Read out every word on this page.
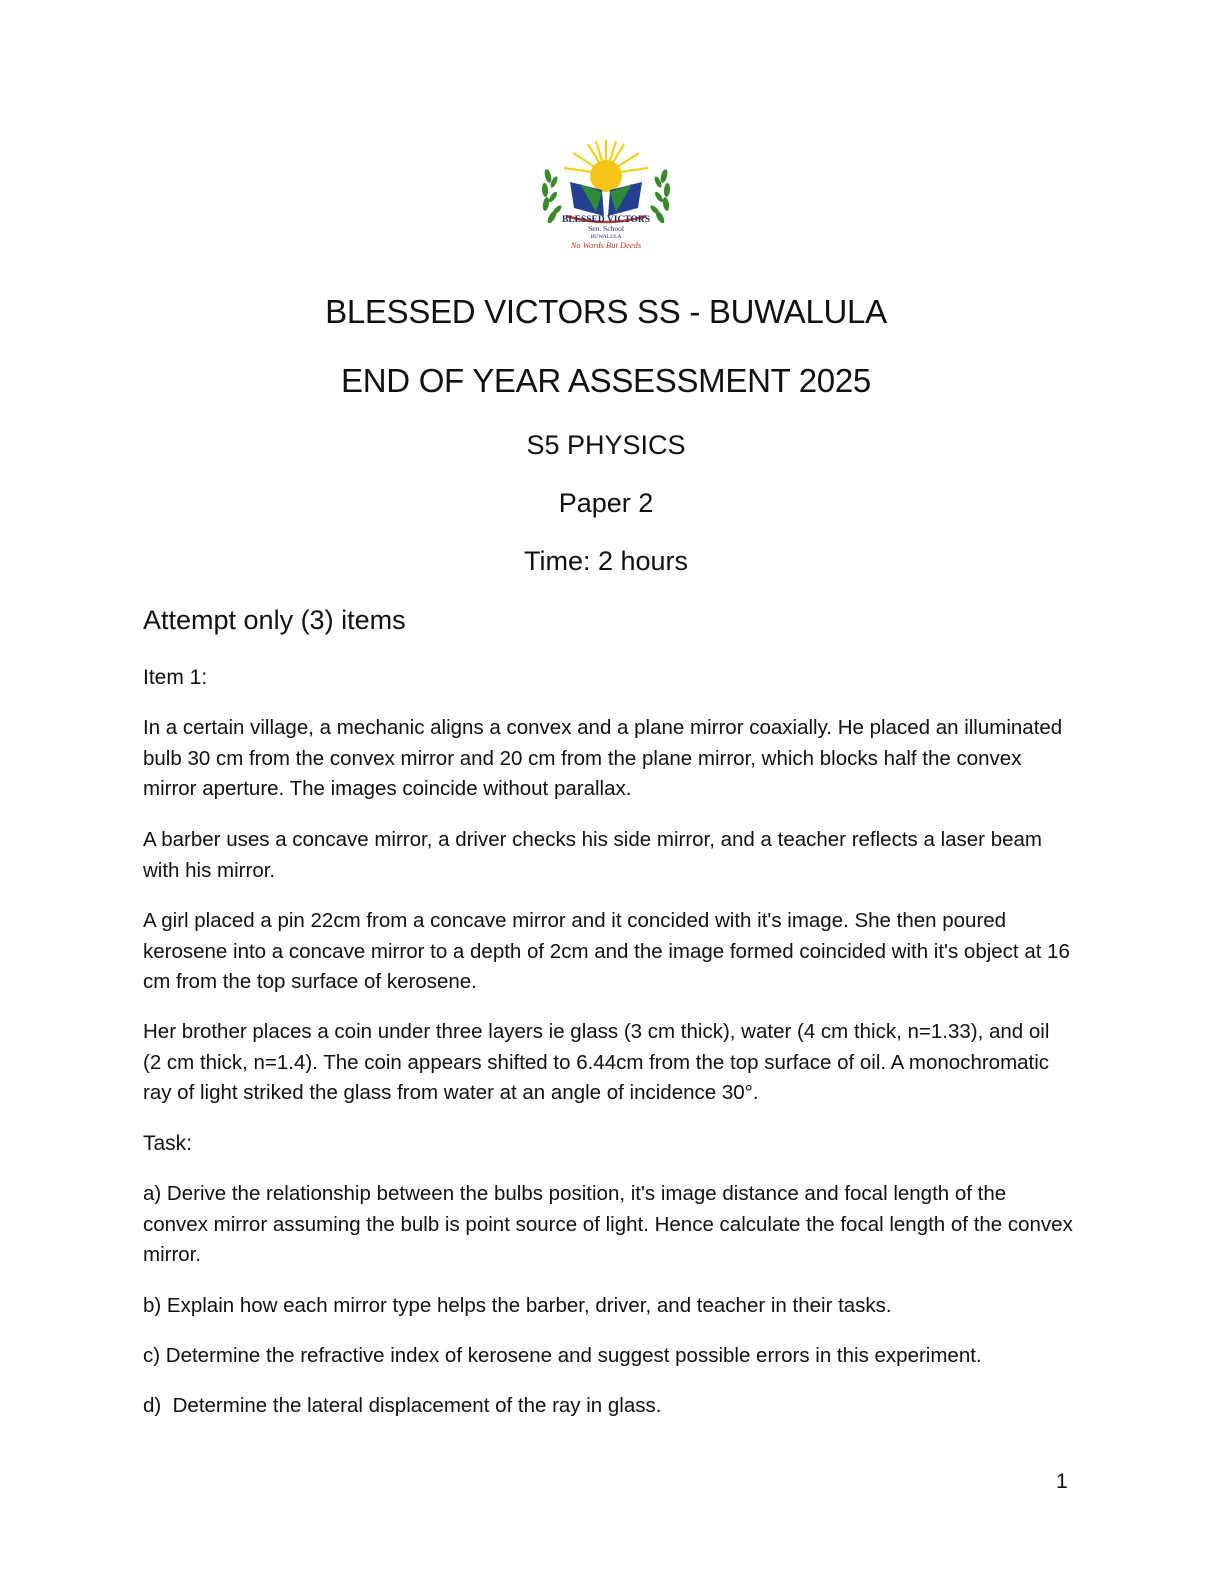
BLESSED VICTORS
Sen. School
BUWALULA
No Words But Deeds
BLESSED VICTORS SS - BUWALULA
END OF YEAR ASSESSMENT 2025
S5 PHYSICS
Paper 2
Time: 2 hours
Attempt only (3) items

Item 1:

In a certain village, a mechanic aligns a convex and a plane mirror coaxially. He placed an illuminated bulb 30 cm from the convex mirror and 20 cm from the plane mirror, which blocks half the convex mirror aperture. The images coincide without parallax.

A barber uses a concave mirror, a driver checks his side mirror, and a teacher reflects a laser beam with his mirror.

A girl placed a pin 22cm from a concave mirror and it concided with it's image. She then poured kerosene into a concave mirror to a depth of 2cm and the image formed coincided with it's object at 16 cm from the top surface of kerosene.

Her brother places a coin under three layers ie glass (3 cm thick), water (4 cm thick, n=1.33), and oil (2 cm thick, n=1.4). The coin appears shifted to 6.44cm from the top surface of oil. A monochromatic ray of light striked the glass from water at an angle of incidence 30°.

Task:

a) Derive the relationship between the bulbs position, it's image distance and focal length of the convex mirror assuming the bulb is point source of light. Hence calculate the focal length of the convex mirror.

b) Explain how each mirror type helps the barber, driver, and teacher in their tasks.

c) Determine the refractive index of kerosene and suggest possible errors in this experiment.

d)  Determine the lateral displacement of the ray in glass.

1
